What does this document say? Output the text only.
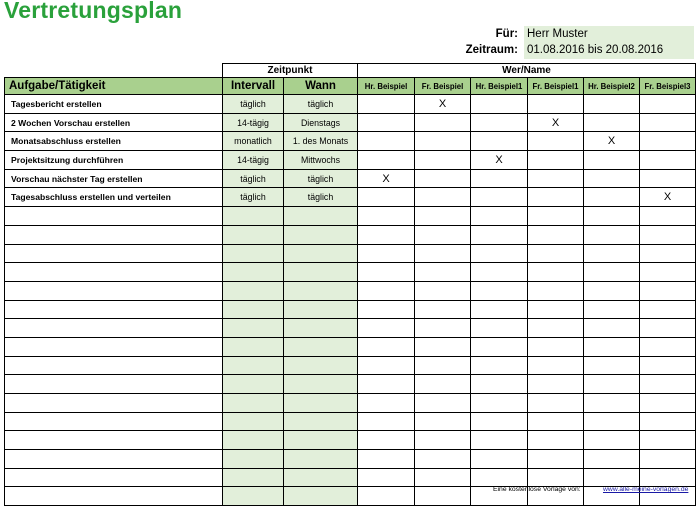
Vertretungsplan
Für: Herr Muster
Zeitraum: 01.08.2016 bis 20.08.2016
	Zeitpunkt		Wer/Name					
Aufgabe/Tätigkeit	Intervall	Wann	Hr. Beispiel	Fr. Beispiel	Hr. Beispiel1	Fr. Beispiel1	Hr. Beispiel2	Fr. Beispiel3
Tagesbericht erstellen	täglich	täglich		X				
2 Wochen Vorschau erstellen	14-tägig	Dienstags				X		
Monatsabschluss erstellen	monatlich	1. des Monats					X	
Projektsitzung durchführen	14-tägig	Mittwochs			X			
Vorschau nächster Tag erstellen	täglich	täglich	X					
Tagesabschluss erstellen und verteilen	täglich	täglich						X

Eine kostenlose Vorlage von:	www.alle-meine-vorlagen.de
